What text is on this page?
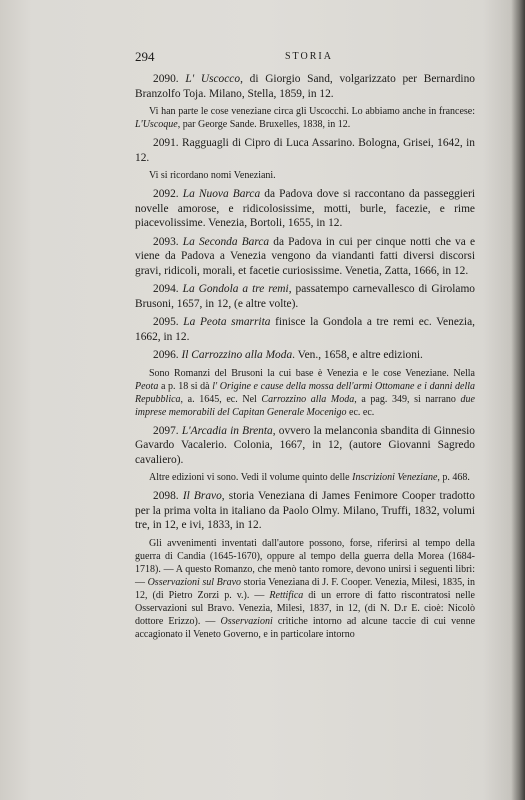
294	STORIA

2090. L' Uscocco, di Giorgio Sand, volgarizzato per Bernardino Branzolfo Toja. Milano, Stella, 1859, in 12.

Vi han parte le cose veneziane circa gli Uscocchi. Lo abbiamo anche in francese: L'Uscoque, par George Sande. Bruxelles, 1838, in 12.

2091. Ragguagli di Cipro di Luca Assarino. Bologna, Grisei, 1642, in 12.

Vi si ricordano nomi Veneziani.

2092. La Nuova Barca da Padova dove si raccontano da passeggieri novelle amorose, e ridicolosissime, motti, burle, facezie, e rime piacevolissime. Venezia, Bortoli, 1655, in 12.

2093. La Seconda Barca da Padova in cui per cinque notti che va e viene da Padova a Venezia vengono da viandanti fatti diversi discorsi gravi, ridicoli, morali, et facetie curiosissime. Venetia, Zatta, 1666, in 12.

2094. La Gondola a tre remi, passatempo carnevallesco di Girolamo Brusoni, 1657, in 12, (e altre volte).

2095. La Peota smarrita finisce la Gondola a tre remi ec. Venezia, 1662, in 12.

2096. Il Carrozzino alla Moda. Ven., 1658, e altre edizioni.

Sono Romanzi del Brusoni la cui base è Venezia e le cose Veneziane. Nella Peota a p. 18 si dà l' Origine e cause della mossa dell'armi Ottomane e i danni della Repubblica, a. 1645, ec. Nel Carrozzino alla Moda, a pag. 349, si narrano due imprese memorabili del Capitan Generale Mocenigo ec. ec.

2097. L'Arcadia in Brenta, ovvero la melanconia sbandita di Ginnesio Gavardo Vacalerio. Colonia, 1667, in 12, (autore Giovanni Sagredo cavaliero).

Altre edizioni vi sono. Vedi il volume quinto delle Inscrizioni Veneziane, p. 468.

2098. Il Bravo, storia Veneziana di James Fenimore Cooper tradotto per la prima volta in italiano da Paolo Olmy. Milano, Truffi, 1832, volumi tre, in 12, e ivi, 1833, in 12.

Gli avvenimenti inventati dall'autore possono, forse, riferirsi al tempo della guerra di Candia (1645-1670), oppure al tempo della guerra della Morea (1684-1718). — A questo Romanzo, che menò tanto romore, devono unirsi i seguenti libri: — Osservazioni sul Bravo storia Veneziana di J. F. Cooper. Venezia, Milesi, 1835, in 12, (di Pietro Zorzi p. v.). — Rettifica di un errore di fatto riscontratosi nelle Osservazioni sul Bravo. Venezia, Milesi, 1837, in 12, (di N. D.r E. cioè: Nicolò dottore Erizzo). — Osservazioni critiche intorno ad alcune taccie di cui venne accagionato il Veneto Governo, e in particolare intorno
